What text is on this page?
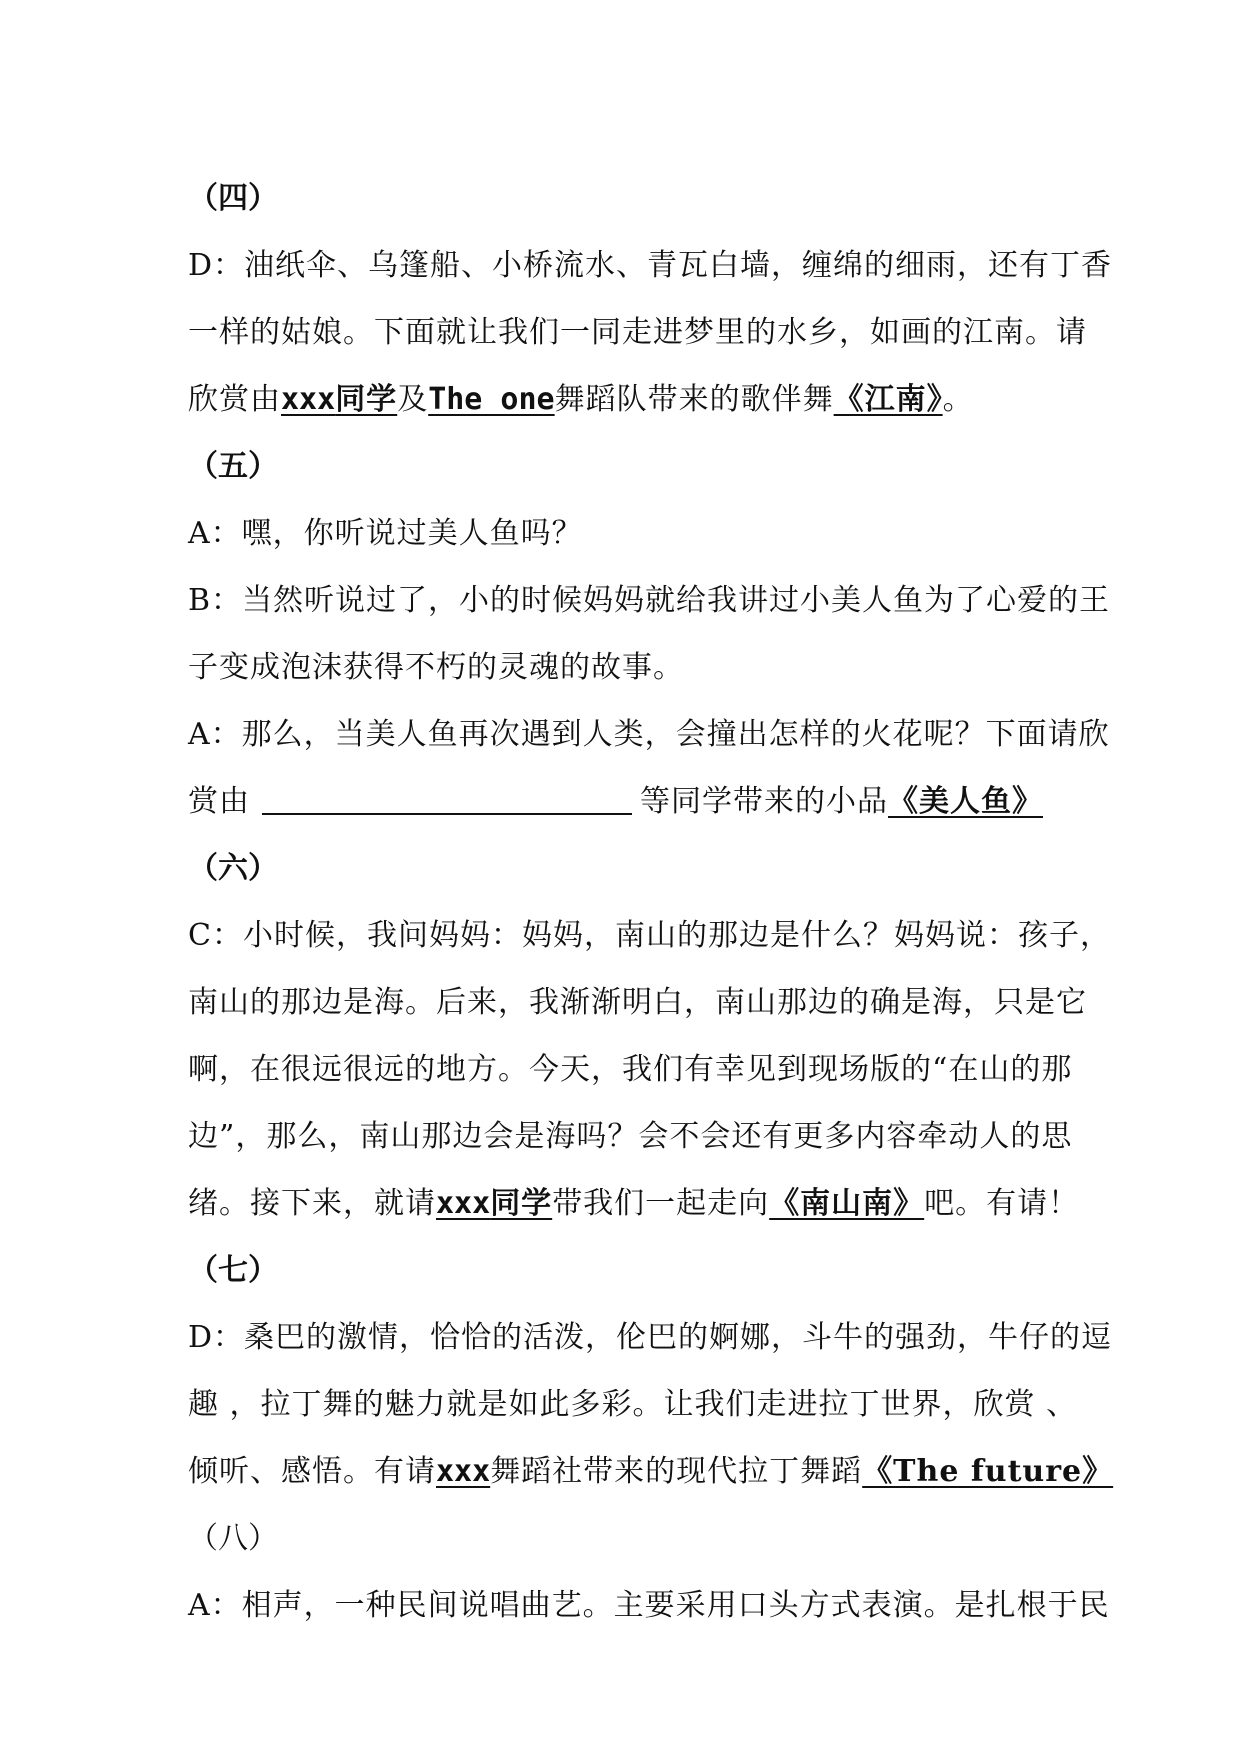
（四）
D：油纸伞、乌篷船、小桥流水、青瓦白墙，缠绵的细雨，还有丁香
一样的姑娘。下面就让我们一同走进梦里的水乡，如画的江南。请
欣赏由xxx同学及The one舞蹈队带来的歌伴舞《江南》。
（五）
A：嘿，你听说过美人鱼吗？
B：当然听说过了，小的时候妈妈就给我讲过小美人鱼为了心爱的王
子变成泡沫获得不朽的灵魂的故事。
A：那么，当美人鱼再次遇到人类，会撞出怎样的火花呢？下面请欣
赏由	等同学带来的小品《美人鱼》
（六）
C：小时候，我问妈妈：妈妈，南山的那边是什么？妈妈说：孩子，
南山的那边是海。后来，我渐渐明白，南山那边的确是海，只是它
啊，在很远很远的地方。今天，我们有幸见到现场版的“在山的那
边”，那么，南山那边会是海吗？会不会还有更多内容牵动人的思
绪。接下来，就请xxx同学带我们一起走向《南山南》吧。有请！
（七）
D：桑巴的激情，恰恰的活泼，伦巴的婀娜，斗牛的强劲，牛仔的逗
趣 ，拉丁舞的魅力就是如此多彩。让我们走进拉丁世界，欣赏 、
倾听、感悟。有请xxx舞蹈社带来的现代拉丁舞蹈《The future》
（八）
A：相声，一种民间说唱曲艺。主要采用口头方式表演。是扎根于民
